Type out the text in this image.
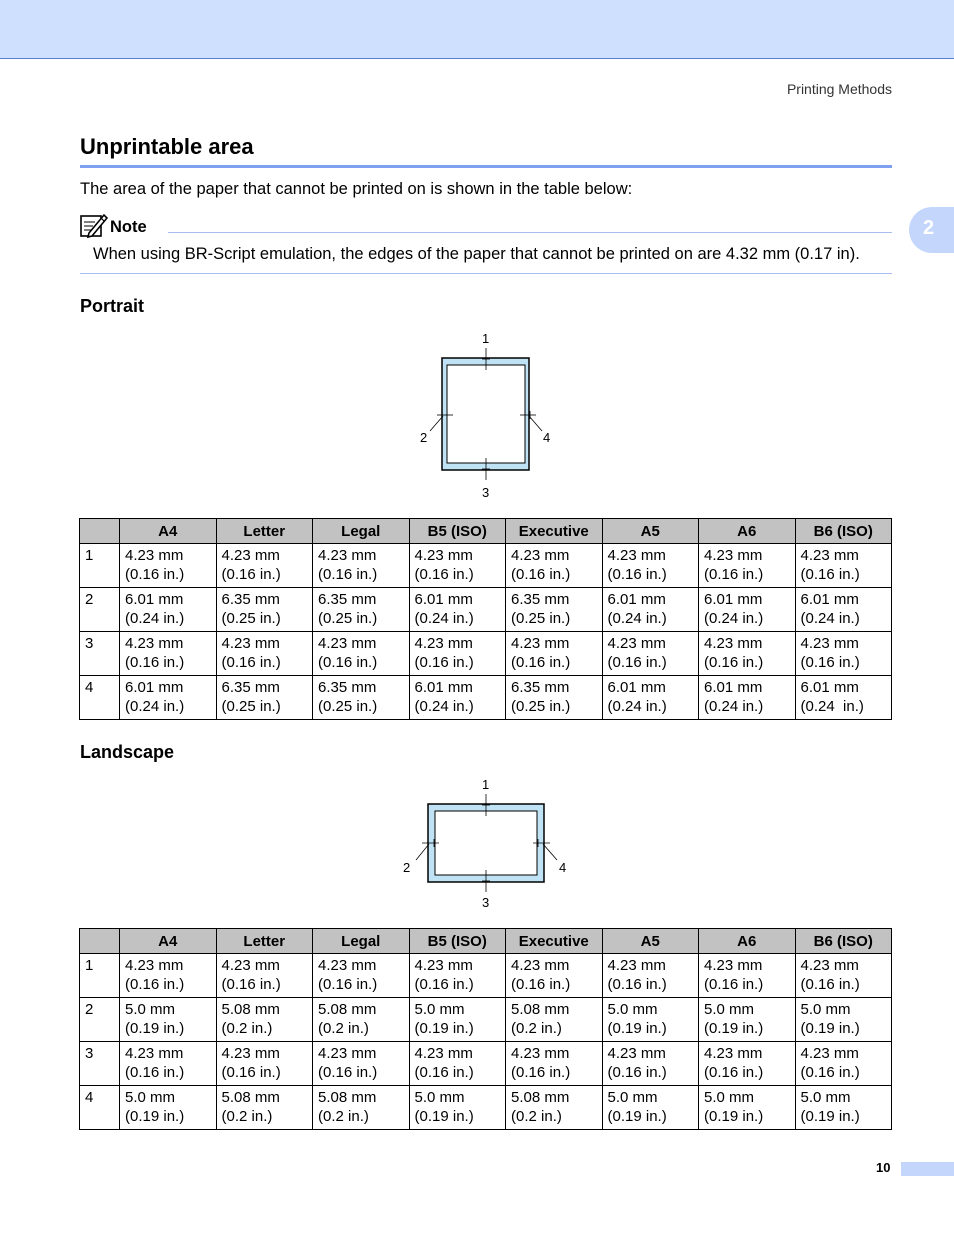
Printing Methods
2
Unprintable area

The area of the paper that cannot be printed on is shown in the table below:

Note

When using BR-Script emulation, the edges of the paper that cannot be printed on are 4.32 mm (0.17 in).

Portrait
1
2
3
4
	A4	Letter	Legal	B5 (ISO)	Executive	A5	A6	B6 (ISO)
1	4.23 mm
(0.16 in.)	4.23 mm
(0.16 in.)	4.23 mm
(0.16 in.)	4.23 mm
(0.16 in.)	4.23 mm
(0.16 in.)	4.23 mm
(0.16 in.)	4.23 mm
(0.16 in.)	4.23 mm
(0.16 in.)

2	6.01 mm
(0.24 in.)	6.35 mm
(0.25 in.)	6.35 mm
(0.25 in.)	6.01 mm
(0.24 in.)	6.35 mm
(0.25 in.)	6.01 mm
(0.24 in.)	6.01 mm
(0.24 in.)	6.01 mm
(0.24 in.)

3	4.23 mm
(0.16 in.)	4.23 mm
(0.16 in.)	4.23 mm
(0.16 in.)	4.23 mm
(0.16 in.)	4.23 mm
(0.16 in.)	4.23 mm
(0.16 in.)	4.23 mm
(0.16 in.)	4.23 mm
(0.16 in.)

4	6.01 mm
(0.24 in.)	6.35 mm
(0.25 in.)	6.35 mm
(0.25 in.)	6.01 mm
(0.24 in.)	6.35 mm
(0.25 in.)	6.01 mm
(0.24 in.)	6.01 mm
(0.24 in.)	6.01 mm
(0.24  in.)
Landscape
1
2
3
4
	A4	Letter	Legal	B5 (ISO)	Executive	A5	A6	B6 (ISO)
1	4.23 mm
(0.16 in.)	4.23 mm
(0.16 in.)	4.23 mm
(0.16 in.)	4.23 mm
(0.16 in.)	4.23 mm
(0.16 in.)	4.23 mm
(0.16 in.)	4.23 mm
(0.16 in.)	4.23 mm
(0.16 in.)

2	5.0 mm
(0.19 in.)	5.08 mm
(0.2 in.)	5.08 mm
(0.2 in.)	5.0 mm
(0.19 in.)	5.08 mm
(0.2 in.)	5.0 mm
(0.19 in.)	5.0 mm
(0.19 in.)	5.0 mm
(0.19 in.)

3	4.23 mm
(0.16 in.)	4.23 mm
(0.16 in.)	4.23 mm
(0.16 in.)	4.23 mm
(0.16 in.)	4.23 mm
(0.16 in.)	4.23 mm
(0.16 in.)	4.23 mm
(0.16 in.)	4.23 mm
(0.16 in.)

4	5.0 mm
(0.19 in.)	5.08 mm
(0.2 in.)	5.08 mm
(0.2 in.)	5.0 mm
(0.19 in.)	5.08 mm
(0.2 in.)	5.0 mm
(0.19 in.)	5.0 mm
(0.19 in.)	5.0 mm
(0.19 in.)
10
